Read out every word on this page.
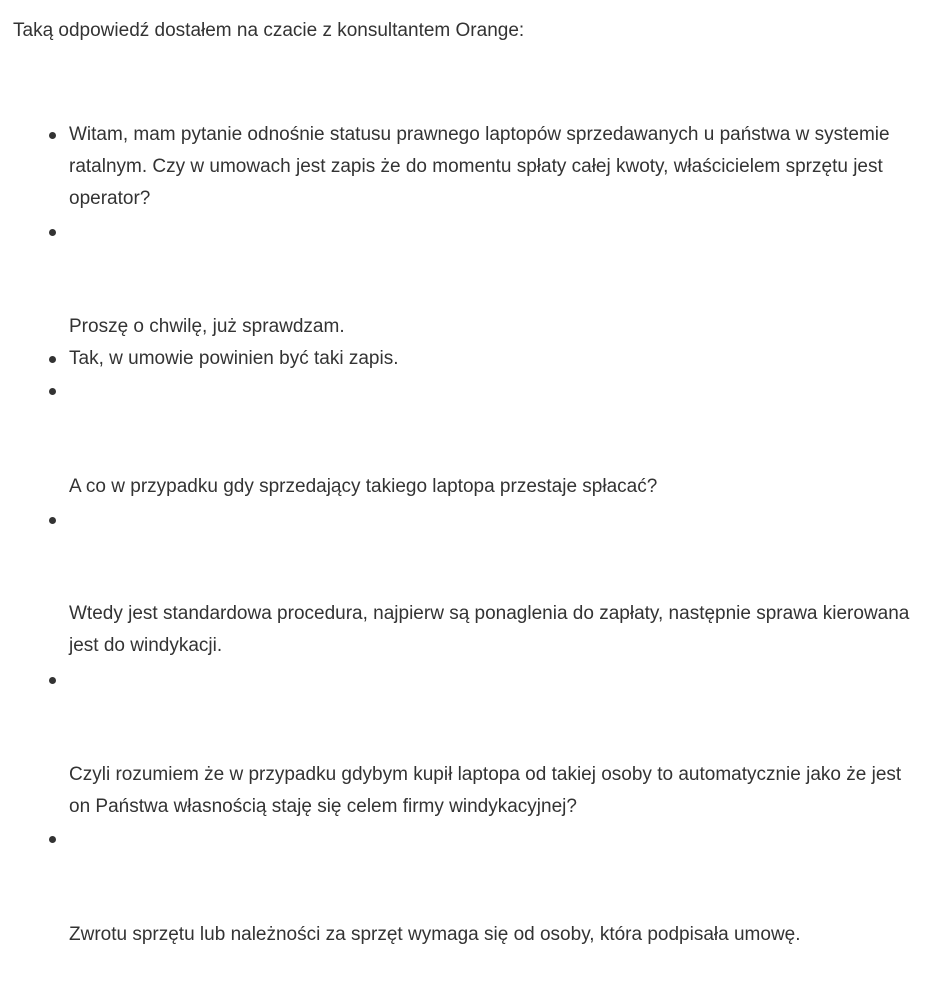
Taką odpowiedź dostałem na czacie z konsultantem Orange:

Witam, mam pytanie odnośnie statusu prawnego laptopów sprzedawanych u państwa w systemie ratalnym. Czy w umowach jest zapis że do momentu spłaty całej kwoty, właścicielem sprzętu jest operator?

Proszę o chwilę, już sprawdzam.

Tak, w umowie powinien być taki zapis.

A co w przypadku gdy sprzedający takiego laptopa przestaje spłacać?

Wtedy jest standardowa procedura, najpierw są ponaglenia do zapłaty, następnie sprawa kierowana jest do windykacji.

Czyli rozumiem że w przypadku gdybym kupił laptopa od takiej osoby to automatycznie jako że jest on Państwa własnością staję się celem firmy windykacyjnej?

Zwrotu sprzętu lub należności za sprzęt wymaga się od osoby, która podpisała umowę.
